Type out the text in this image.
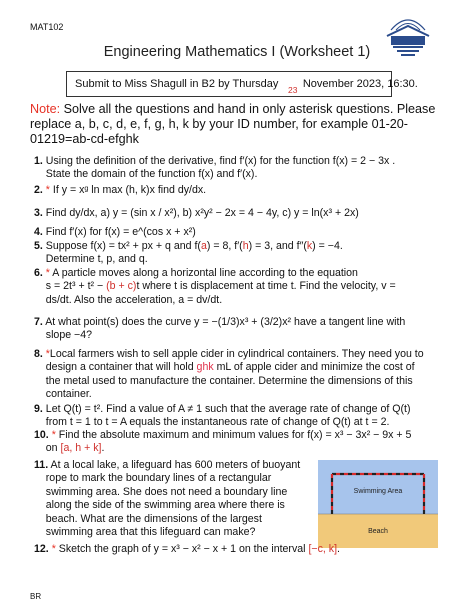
MAT102
Engineering Mathematics I (Worksheet 1)
Submit to Miss Shagull in B2 by Thursday November 2023, 16:30.
23
Note: Solve all the questions and hand in only asterisk questions. Please replace a, b, c, d, e, f, g, h, k by your ID number, for example 01-20-01219=ab-cd-efghk
1. Using the definition of the derivative, find f′(x) for the function f(x) = 2 − 3x .
State the domain of the function f(x) and f′(x).
2. * If y = xᵍ ln max (h, k)x find dy/dx.
3. Find dy/dx, a) y = (sin x / x²), b) x²y² − 2x = 4 − 4y, c) y = ln(x³ + 2x)
4. Find f′(x) for f(x) = e^(cos x + x²)
5. Suppose f(x) = tx² + px + q and f(a) = 8, f′(h) = 3, and f″(k) = −4.
Determine t, p, and q.
6. * A particle moves along a horizontal line according to the equation
s = 2t³ + t² − (b + c)t where t is displacement at time t. Find the velocity, v =
ds/dt. Also the acceleration, a = dv/dt.
7. At what point(s) does the curve y = −(1/3)x³ + (3/2)x² have a tangent line with
slope −4?
8. *Local farmers wish to sell apple cider in cylindrical containers. They need you to
design a container that will hold ghk mL of apple cider and minimize the cost of
the metal used to manufacture the container. Determine the dimensions of this
container.
9. Let Q(t) = t². Find a value of A ≠ 1 such that the average rate of change of Q(t)
from t = 1 to t = A equals the instantaneous rate of change of Q(t) at t = 2.
10. * Find the absolute maximum and minimum values for f(x) = x³ − 3x² − 9x + 5
on [a, h + k].
11. At a local lake, a lifeguard has 600 meters of buoyant
rope to mark the boundary lines of a rectangular
swimming area. She does not need a boundary line
along the side of the swimming area where there is
beach. What are the dimensions of the largest
swimming area that this lifeguard can make?
Swimming Area
Beach
12. * Sketch the graph of y = x³ − x² − x + 1 on the interval [−c, k].
BR
